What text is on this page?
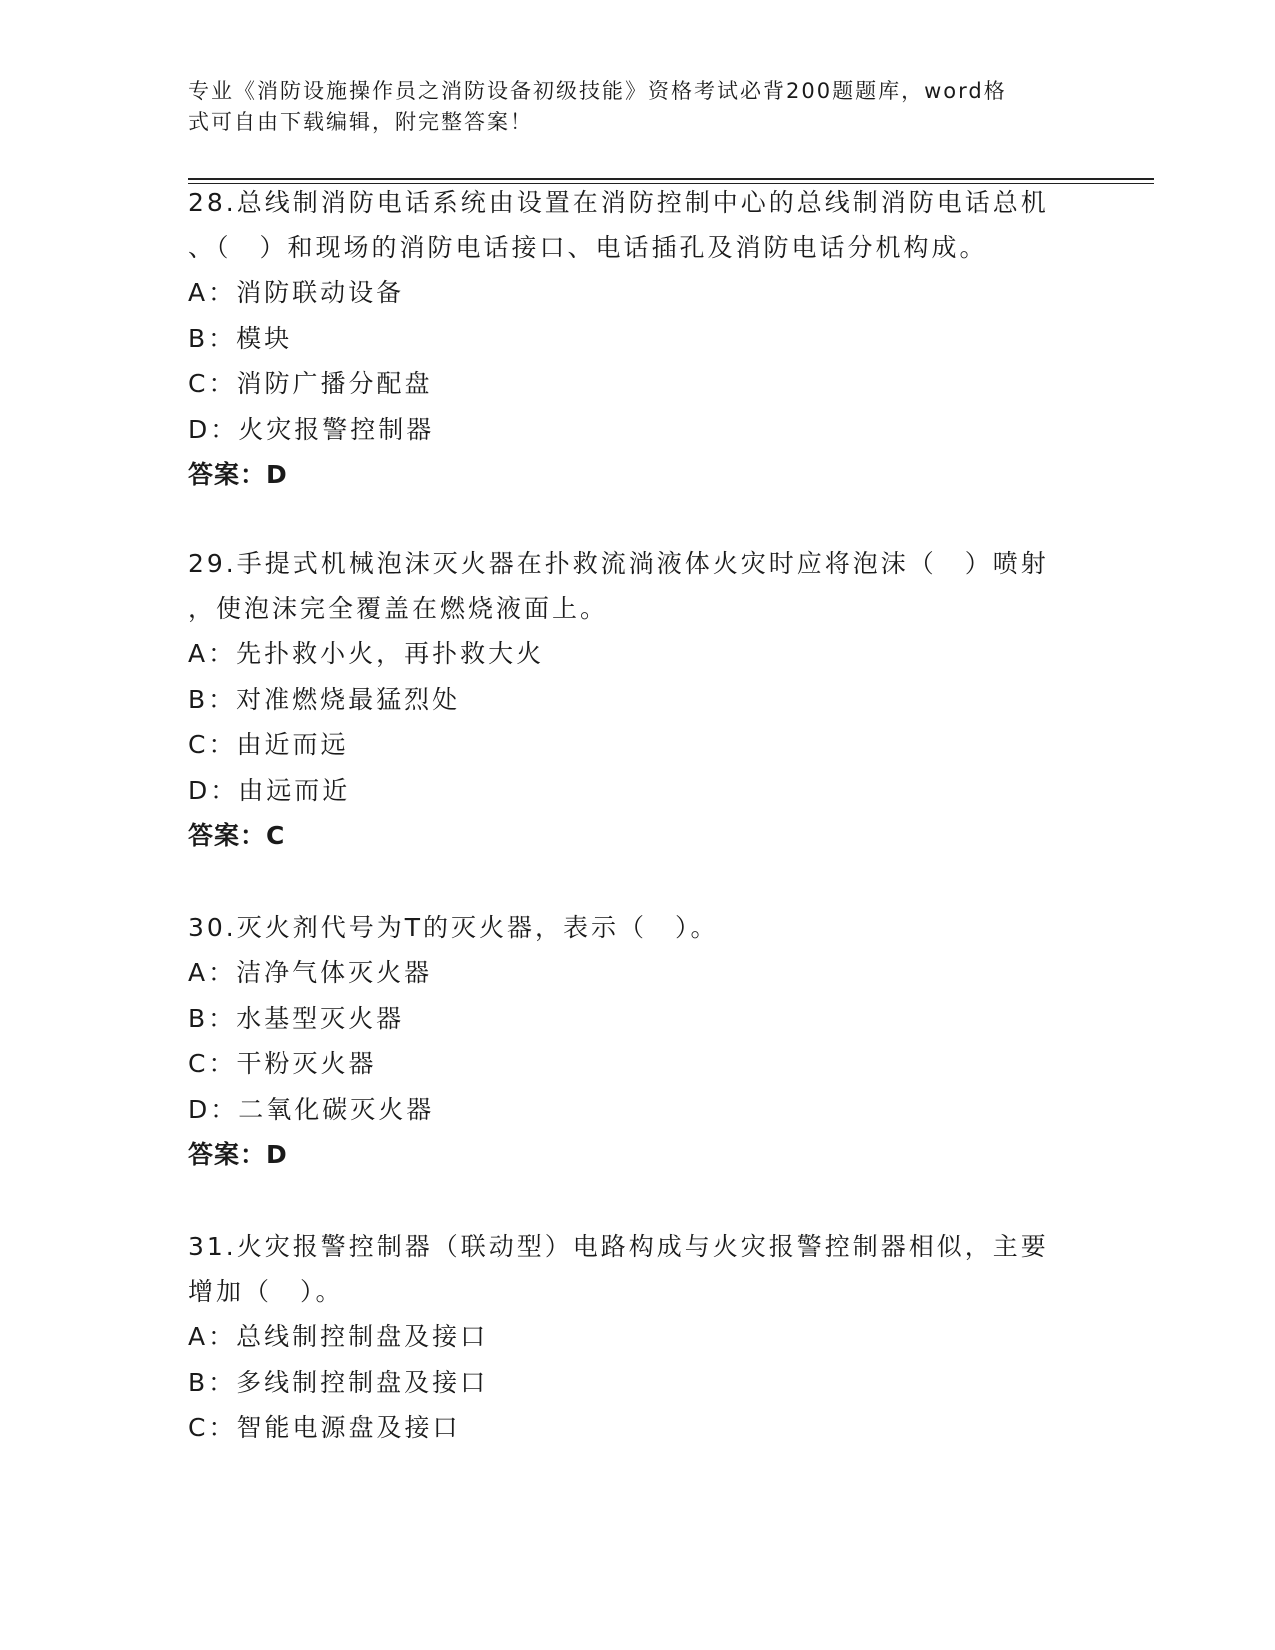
专业《消防设施操作员之消防设备初级技能》资格考试必背200题题库，word格
式可自由下载编辑，附完整答案！

28.总线制消防电话系统由设置在消防控制中心的总线制消防电话总机
、（　）和现场的消防电话接口、电话插孔及消防电话分机构成。

A：消防联动设备

B：模块

C：消防广播分配盘

D：火灾报警控制器

答案：D

29.手提式机械泡沫灭火器在扑救流淌液体火灾时应将泡沫（　）喷射
，使泡沫完全覆盖在燃烧液面上。

A：先扑救小火，再扑救大火

B：对准燃烧最猛烈处

C：由近而远

D：由远而近

答案：C

30.灭火剂代号为T的灭火器，表示（　）。

A：洁净气体灭火器

B：水基型灭火器

C：干粉灭火器

D：二氧化碳灭火器

答案：D

31.火灾报警控制器（联动型）电路构成与火灾报警控制器相似，主要
增加（　）。

A：总线制控制盘及接口

B：多线制控制盘及接口

C：智能电源盘及接口
